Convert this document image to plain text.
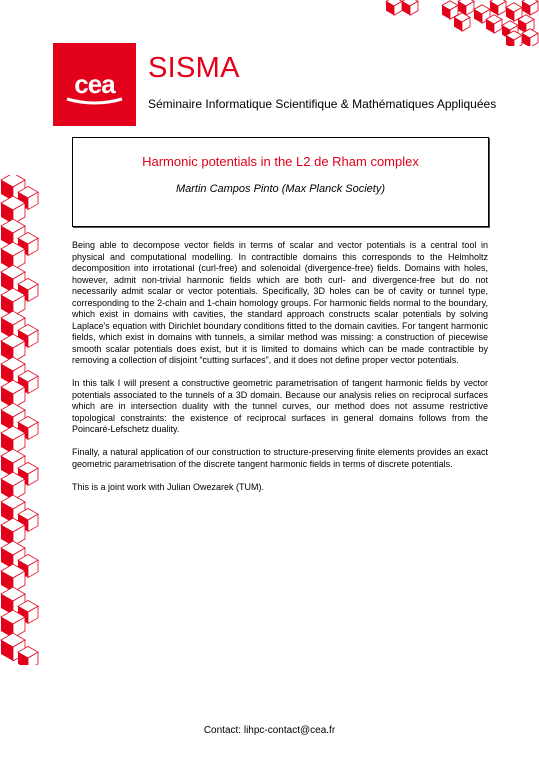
cea SISMA

Séminaire Informatique Scientifique & Mathématiques Appliquées

Harmonic potentials in the L2 de Rham complex

Martin Campos Pinto (Max Planck Society)

Being able to decompose vector fields in terms of scalar and vector potentials is a central tool in physical and computational modelling. In contractible domains this corresponds to the Helmholtz decomposition into irrotational (curl-free) and solenoidal (divergence-free) fields. Domains with holes, however, admit non-trivial harmonic fields which are both curl- and divergence-free but do not necessarily admit scalar or vector potentials. Specifically, 3D holes can be of cavity or tunnel type, corresponding to the 2-chain and 1-chain homology groups. For harmonic fields normal to the boundary, which exist in domains with cavities, the standard approach constructs scalar potentials by solving Laplace's equation with Dirichlet boundary conditions fitted to the domain cavities. For tangent harmonic fields, which exist in domains with tunnels, a similar method was missing: a construction of piecewise smooth scalar potentials does exist, but it is limited to domains which can be made contractible by removing a collection of disjoint “cutting surfaces”, and it does not define proper vector potentials.

In this talk I will present a constructive geometric parametrisation of tangent harmonic fields by vector potentials associated to the tunnels of a 3D domain. Because our analysis relies on reciprocal surfaces which are in intersection duality with the tunnel curves, our method does not assume restrictive topological constraints: the existence of reciprocal surfaces in general domains follows from the Poincaré-Lefschetz duality.

Finally, a natural application of our construction to structure-preserving finite elements provides an exact geometric parametrisation of the discrete tangent harmonic fields in terms of discrete potentials.

This is a joint work with Julian Owezarek (TUM).

Contact: lihpc-contact@cea.fr
